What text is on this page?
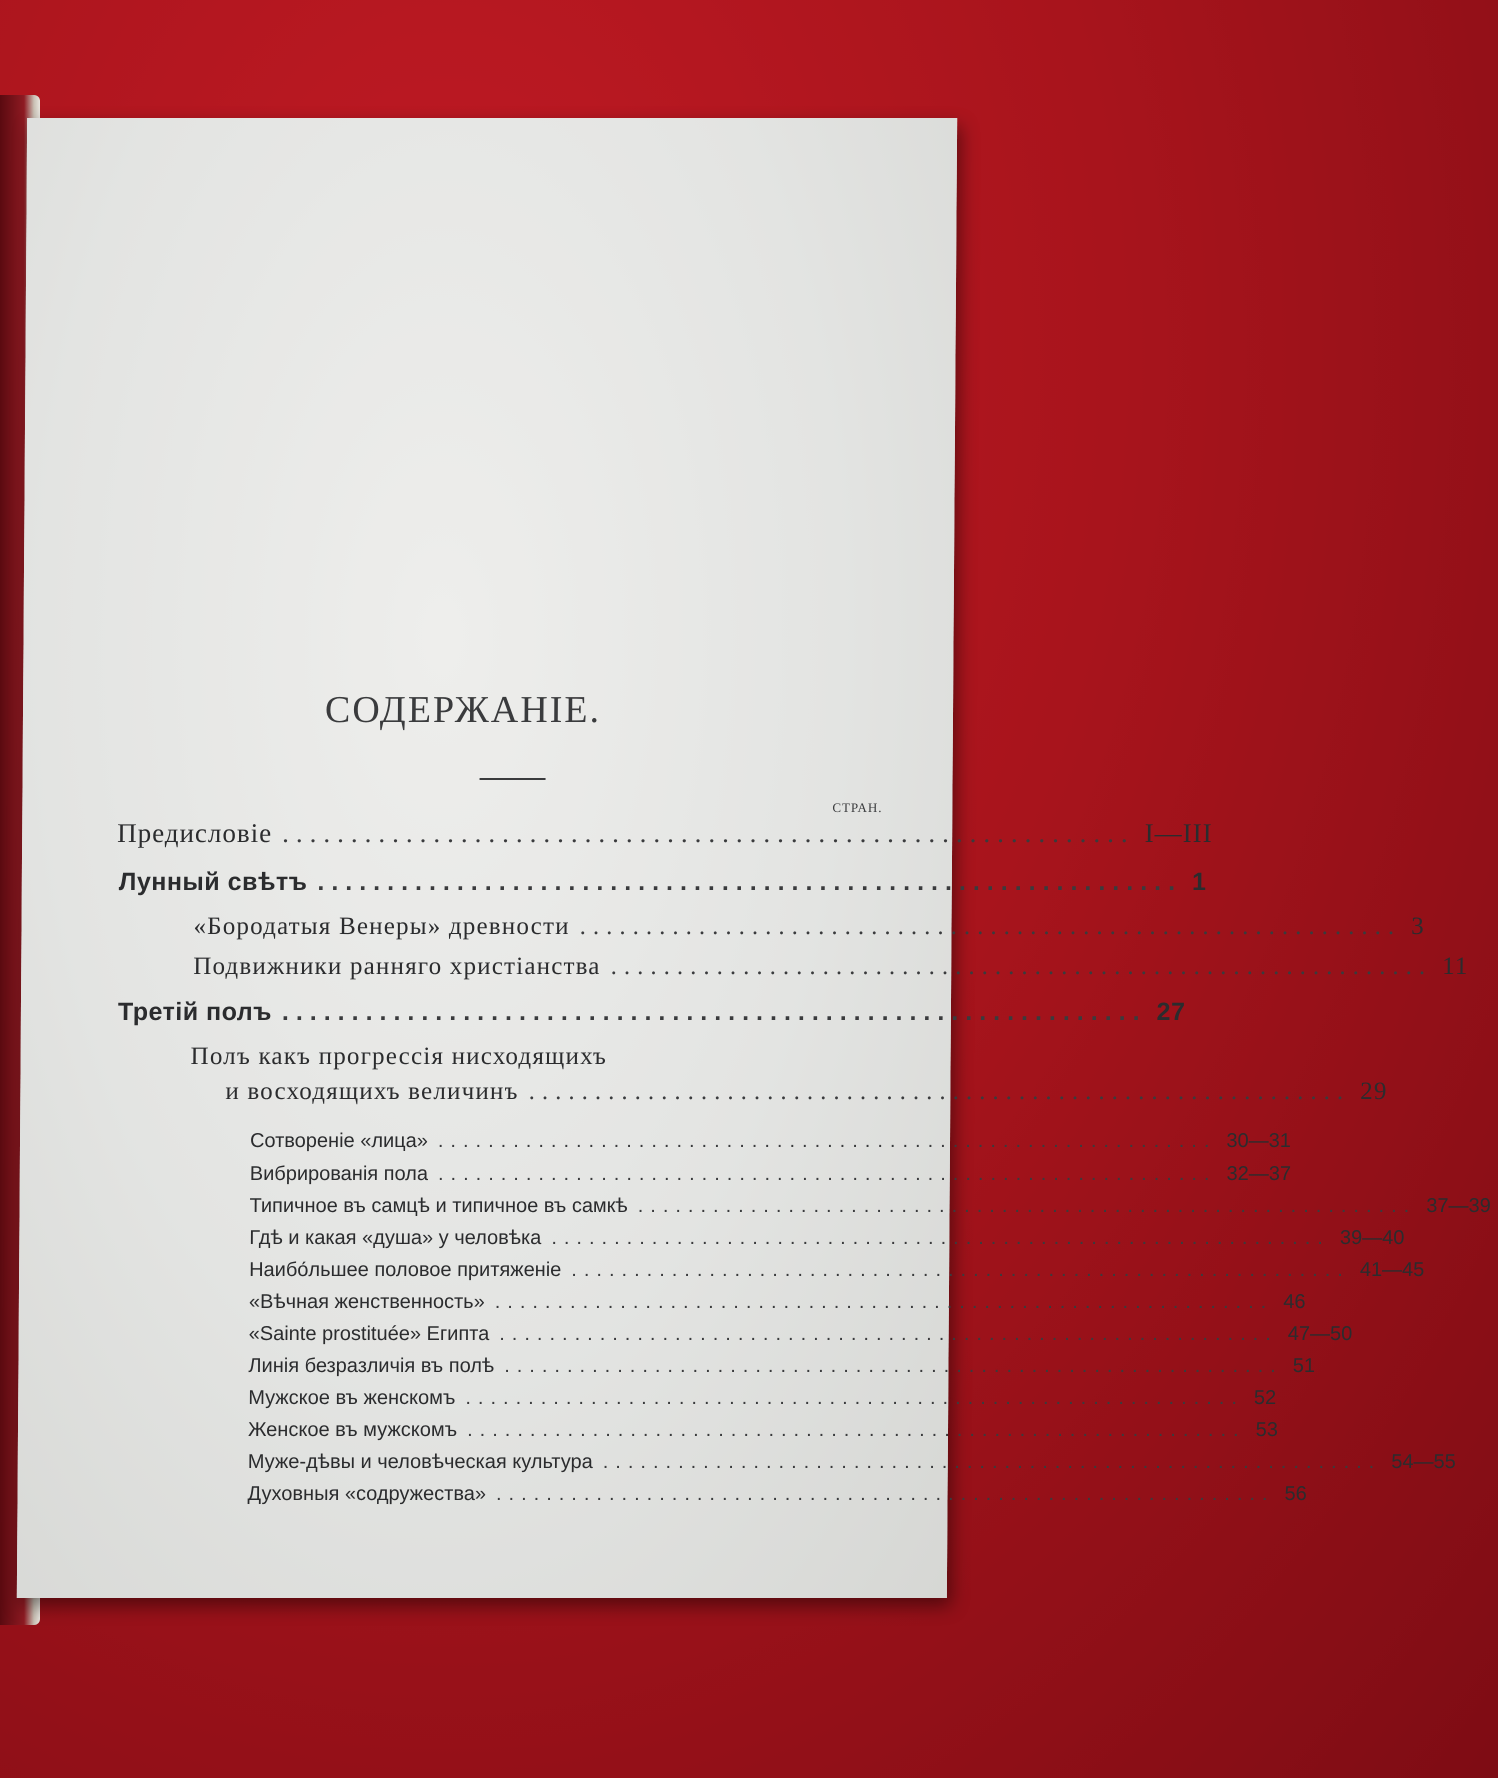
СОДЕРЖАНIЕ.
СТРАН.
Предисловiе .............................................................. I—III
Лунный свѣтъ .............................................................. 1
«Бородатыя Венеры» древности .............................................................. 3
Подвижники ранняго христiанства .............................................................. 11
Третiй полъ .............................................................. 27
Полъ какъ прогрессiя нисходящихъ
и восходящихъ величинъ .............................................................. 29
Сотворенiе «лица» .............................................................. 30—31
Вибрированiя пола .............................................................. 32—37
Типичное въ самцѣ и типичное въ самкѣ .............................................................. 37—39
Гдѣ и какая «душа» у человѣка .............................................................. 39—40
Наибо́льшее половое притяженiе .............................................................. 41—45
«Вѣчная женственность» .............................................................. 46
«Sainte prostituée» Египта .............................................................. 47—50
Линiя безразличiя въ полѣ .............................................................. 51
Мужское въ женскомъ .............................................................. 52
Женское въ мужскомъ .............................................................. 53
Муже-дѣвы и человѣческая культура .............................................................. 54—55
Духовныя «содружества» .............................................................. 56
